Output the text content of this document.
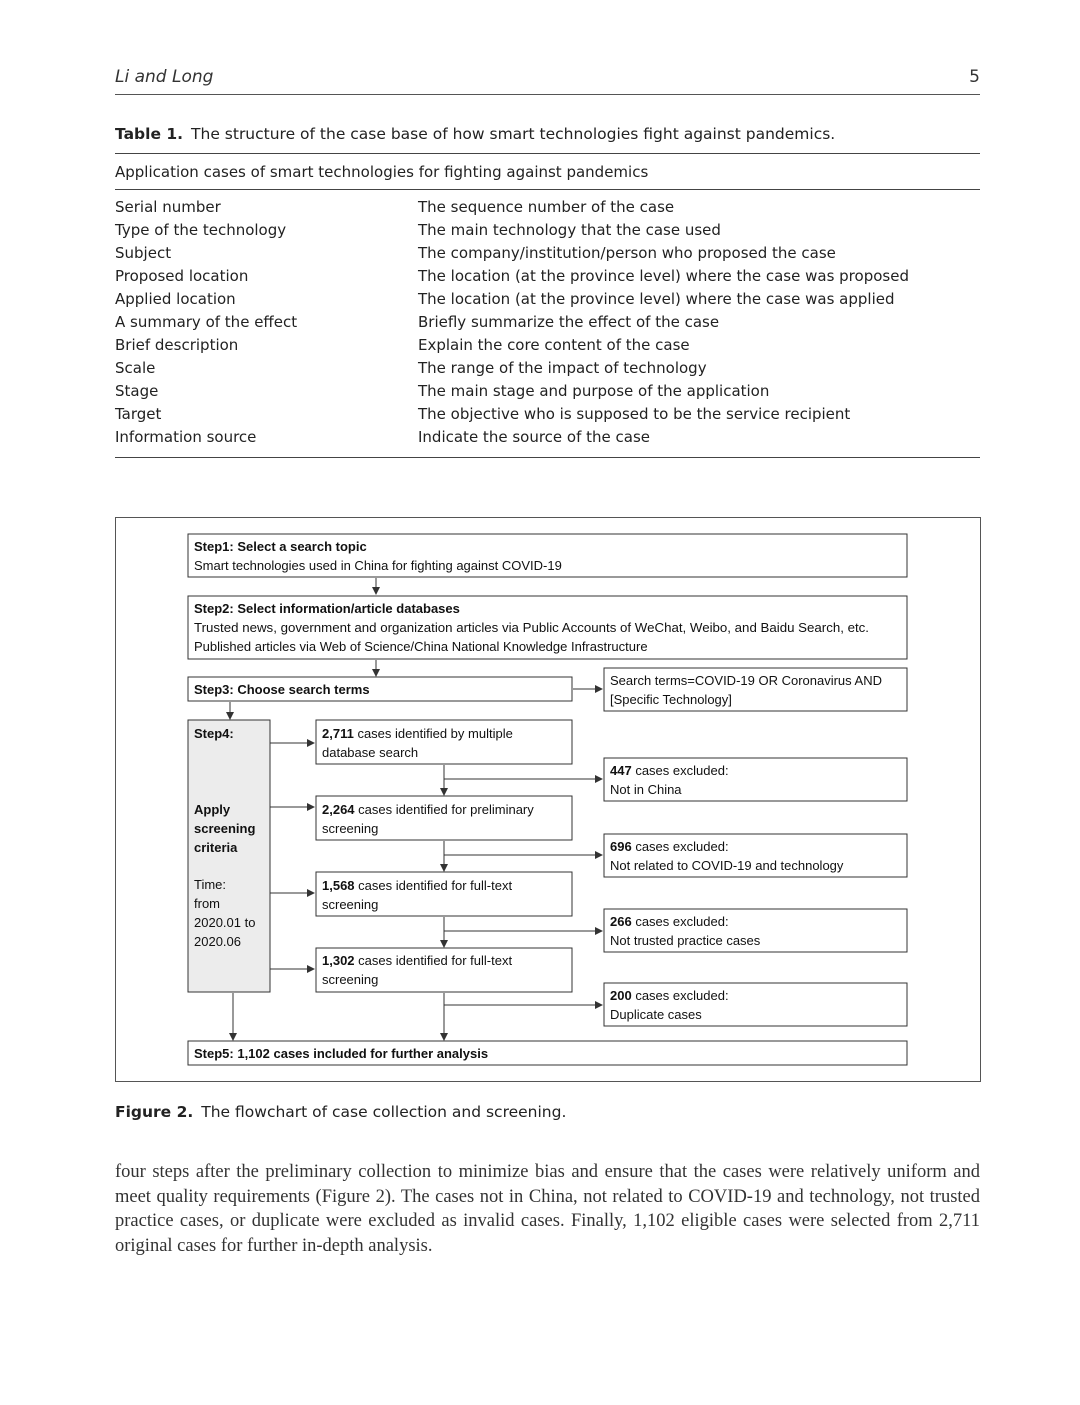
Li and Long	5
Table 1. The structure of the case base of how smart technologies fight against pandemics.
Application cases of smart technologies for fighting against pandemics
Serial number	The sequence number of the case
Type of the technology	The main technology that the case used
Subject	The company/institution/person who proposed the case
Proposed location	The location (at the province level) where the case was proposed
Applied location	The location (at the province level) where the case was applied
A summary of the effect	Briefly summarize the effect of the case
Brief description	Explain the core content of the case
Scale	The range of the impact of technology
Stage	The main stage and purpose of the application
Target	The objective who is supposed to be the service recipient
Information source	Indicate the source of the case
Step1: Select a search topic
Smart technologies used in China for fighting against COVID-19
Step2: Select information/article databases
Trusted news, government and organization articles via Public Accounts of WeChat, Weibo, and Baidu Search, etc.
Published articles via Web of Science/China National Knowledge Infrastructure
Step3: Choose search terms
Search terms=COVID-19 OR Coronavirus AND
[Specific Technology]
Step4:
Apply
screening
criteria
Time:
from
2020.01 to
2020.06
2,711 cases identified by multiple
database search
2,264 cases identified for preliminary
screening
1,568 cases identified for full-text
screening
1,302 cases identified for full-text
screening
447 cases excluded:
Not in China
696 cases excluded:
Not related to COVID-19 and technology
266 cases excluded:
Not trusted practice cases
200 cases excluded:
Duplicate cases
Step5: 1,102 cases included for further analysis
Figure 2. The flowchart of case collection and screening.
four steps after the preliminary collection to minimize bias and ensure that the cases were relatively uniform and meet quality requirements (Figure 2). The cases not in China, not related to COVID-19 and technology, not trusted practice cases, or duplicate were excluded as invalid cases. Finally, 1,102 eligible cases were selected from 2,711 original cases for further in-depth analysis.
